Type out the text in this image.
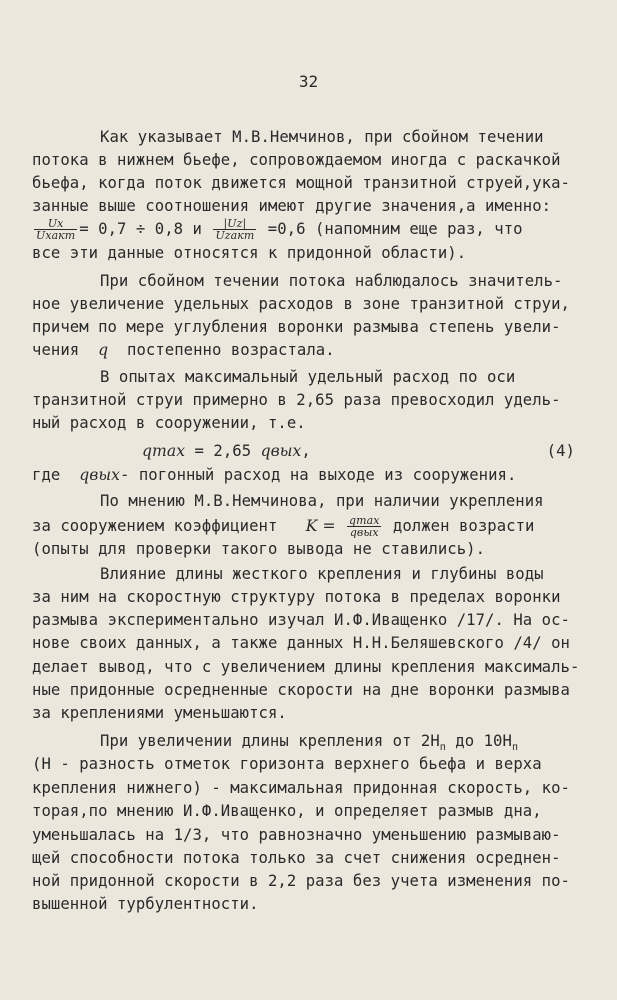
32
Как указывает М.В.Немчинов, при сбойном течении
потока в нижнем бьефе, сопровождаемом иногда с раскачкой
бьефа, когда поток движется мощной транзитной струей,ука-
занные выше соотношения имеют другие значения,а именно:
$\frac{U̅x}{\text{Uхакт}} = 0,7 \div 0,8$ и $\frac{|U̅z|}{\text{Uzакт}} =0,6$ (напомним еще раз, что
все эти данные относятся к придонной области).
При сбойном течении потока наблюдалось значитель-
ное увеличение удельных расходов в зоне транзитной струи,
причем по мере углубления воронки размыва степень увели-
чения q постепенно возрастала.
В опытах максимальный удельный расход по оси
транзитной струи примерно в 2,65 раза превосходил удель-
ный расход в сооружении, т.е.
qmax = 2,65 qвых,	(4)
где qвых- погонный расход на выходе из сооружения.
По мнению М.В.Немчинова, при наличии укрепления
за сооружением коэффициент $K = \frac{qmax}{\text{qвых}}$ должен возрасти
(опыты для проверки такого вывода не ставились).
Влияние длины жесткого крепления и глубины воды
за ним на скоростную структуру потока в пределах воронки
размыва экспериментально изучал И.Ф.Иващенко /17/. На ос-
нове своих данных, а также данных Н.Н.Беляшевского /4/ он
делает вывод, что с увеличением длины крепления максималь-
ные придонные осредненные скорости на дне воронки размыва
за креплениями уменьшаются.
При увеличении длины крепления от $2H_п$ до $10H_п$
(H - разность отметок горизонта верхнего бьефа и верха
крепления нижнего) - максимальная придонная скорость, ко-
торая,по мнению И.Ф.Иващенко, и определяет размыв дна,
уменьшалась на 1/3, что равнозначно уменьшению размываю-
щей способности потока только за счет снижения осреднен-
ной придонной скорости в 2,2 раза без учета изменения по-
вышенной турбулентности.
